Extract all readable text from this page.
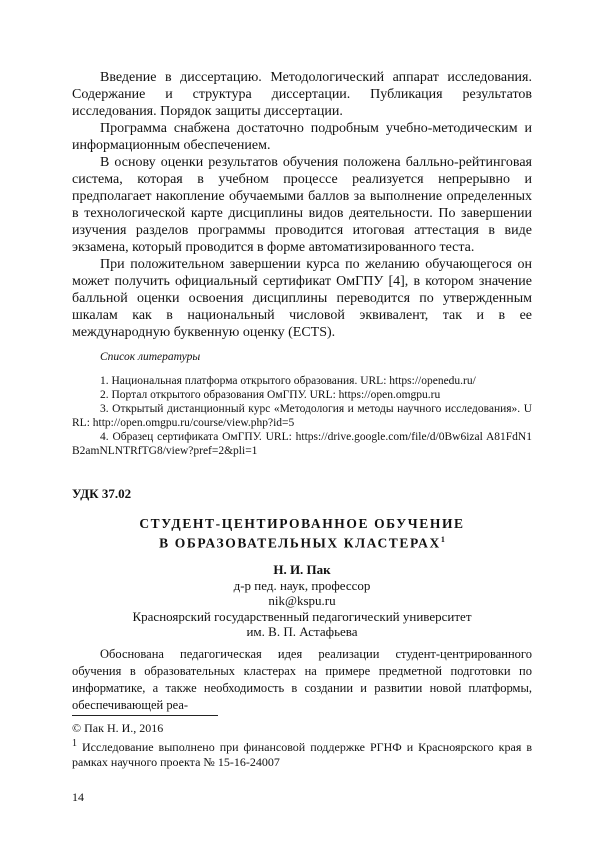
Введение в диссертацию. Методологический аппарат исследования. Содержание и структура диссертации. Публикация результатов исследования. Порядок защиты диссертации.

Программа снабжена достаточно подробным учебно-методическим и информационным обеспечением.

В основу оценки результатов обучения положена балльно-рейтинговая система, которая в учебном процессе реализуется непрерывно и предполагает накопление обучаемыми баллов за выполнение определенных в технологической карте дисциплины видов деятельности. По завершении изучения разделов программы проводится итоговая аттестация в виде экзамена, который проводится в форме автоматизированного теста.

При положительном завершении курса по желанию обучающегося он может получить официальный сертификат ОмГПУ [4], в котором значение балльной оценки освоения дисциплины переводится по утвержденным шкалам как в национальный числовой эквивалент, так и в ее международную буквенную оценку (ECTS).

Список литературы

1. Национальная платформа открытого образования. URL: https://openedu.ru/

2. Портал открытого образования ОмГПУ. URL: https://open.omgpu.ru

3. Открытый дистанционный курс «Методология и методы научного исследования». URL: http://open.omgpu.ru/course/view.php?id=5

4. Образец сертификата ОмГПУ. URL: https://drive.google.com/file/d/0Bw6izal A81FdN1B2amNLNTRfTG8/view?pref=2&pli=1

УДК 37.02
СТУДЕНТ-ЦЕНТИРОВАННОЕ ОБУЧЕНИЕ
В ОБРАЗОВАТЕЛЬНЫХ КЛАСТЕРАХ$^1$
Н. И. Пак
д-р пед. наук, профессор
nik@kspu.ru
Красноярский государственный педагогический университет
им. В. П. Астафьева

Обоснована педагогическая идея реализации студент-центрированного обучения в образовательных кластерах на примере предметной подготовки по информатике, а также необходимость в создании и развитии новой платформы, обеспечивающей реа-

© Пак Н. И., 2016

$^1$ Исследование выполнено при финансовой поддержке РГНФ и Красноярского края в рамках научного проекта № 15-16-24007

14
